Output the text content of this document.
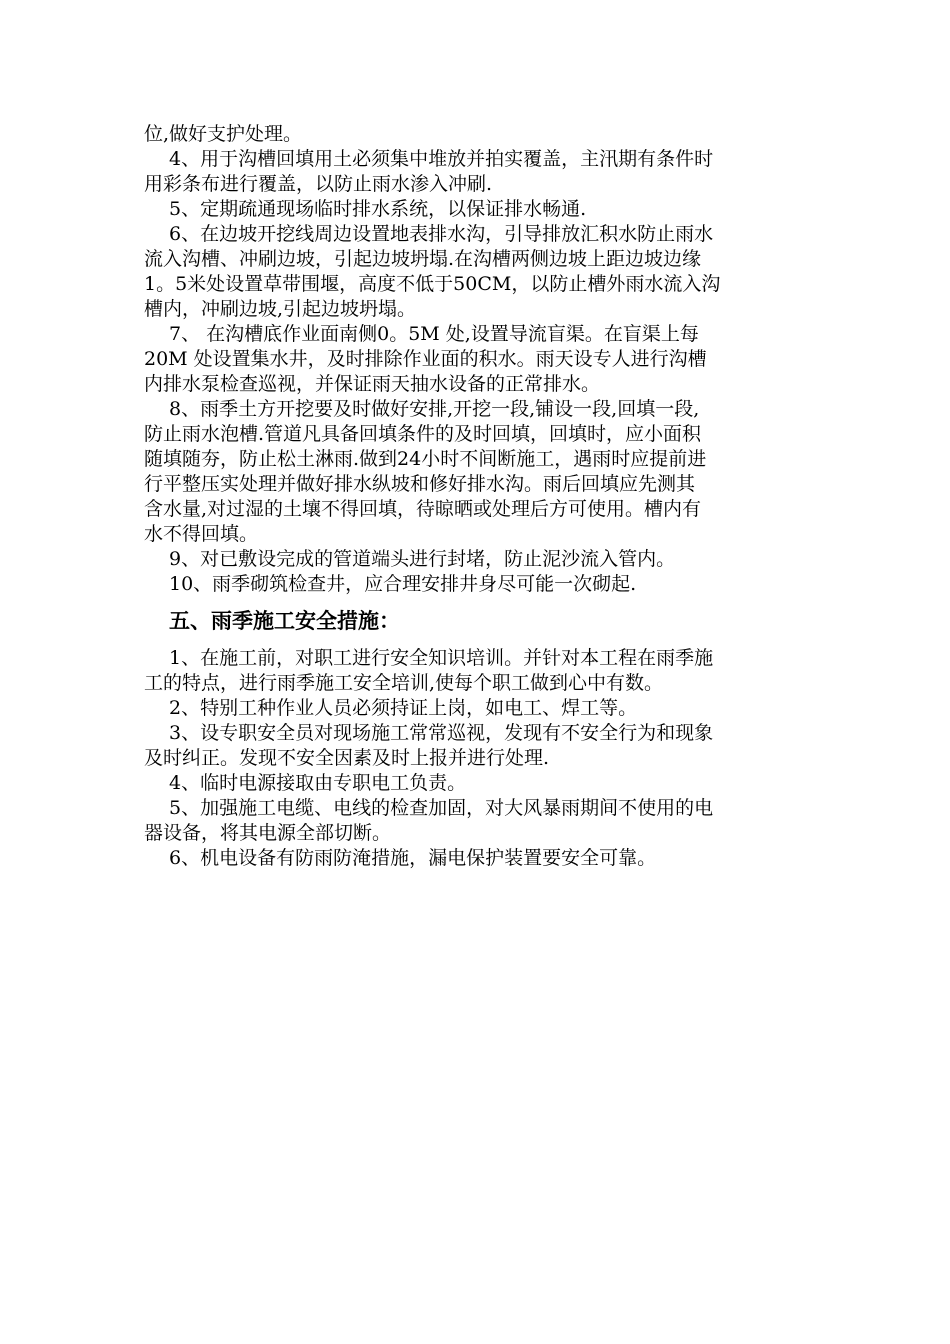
位,做好支护处理。
4、用于沟槽回填用土必须集中堆放并拍实覆盖，主汛期有条件时
用彩条布进行覆盖，以防止雨水渗入冲刷.
5、定期疏通现场临时排水系统，以保证排水畅通.
6、在边坡开挖线周边设置地表排水沟，引导排放汇积水防止雨水
流入沟槽、冲刷边坡，引起边坡坍塌.在沟槽两侧边坡上距边坡边缘
1。5米处设置草带围堰，高度不低于50CM，以防止槽外雨水流入沟
槽内，冲刷边坡,引起边坡坍塌。
7、 在沟槽底作业面南侧0。5M 处,设置导流盲渠。在盲渠上每
20M 处设置集水井，及时排除作业面的积水。雨天设专人进行沟槽
内排水泵检查巡视，并保证雨天抽水设备的正常排水。
8、雨季土方开挖要及时做好安排,开挖一段,铺设一段,回填一段,
防止雨水泡槽.管道凡具备回填条件的及时回填，回填时，应小面积
随填随夯，防止松土淋雨.做到24小时不间断施工，遇雨时应提前进
行平整压实处理并做好排水纵坡和修好排水沟。雨后回填应先测其
含水量,对过湿的土壤不得回填，待晾晒或处理后方可使用。槽内有
水不得回填。
9、对已敷设完成的管道端头进行封堵，防止泥沙流入管内。
10、雨季砌筑检查井，应合理安排井身尽可能一次砌起.
五、雨季施工安全措施：
1、在施工前，对职工进行安全知识培训。并针对本工程在雨季施
工的特点，进行雨季施工安全培训,使每个职工做到心中有数。
2、特别工种作业人员必须持证上岗，如电工、焊工等。
3、设专职安全员对现场施工常常巡视，发现有不安全行为和现象
及时纠正。发现不安全因素及时上报并进行处理.
4、临时电源接取由专职电工负责。
5、加强施工电缆、电线的检查加固，对大风暴雨期间不使用的电
器设备，将其电源全部切断。
6、机电设备有防雨防淹措施，漏电保护装置要安全可靠。
